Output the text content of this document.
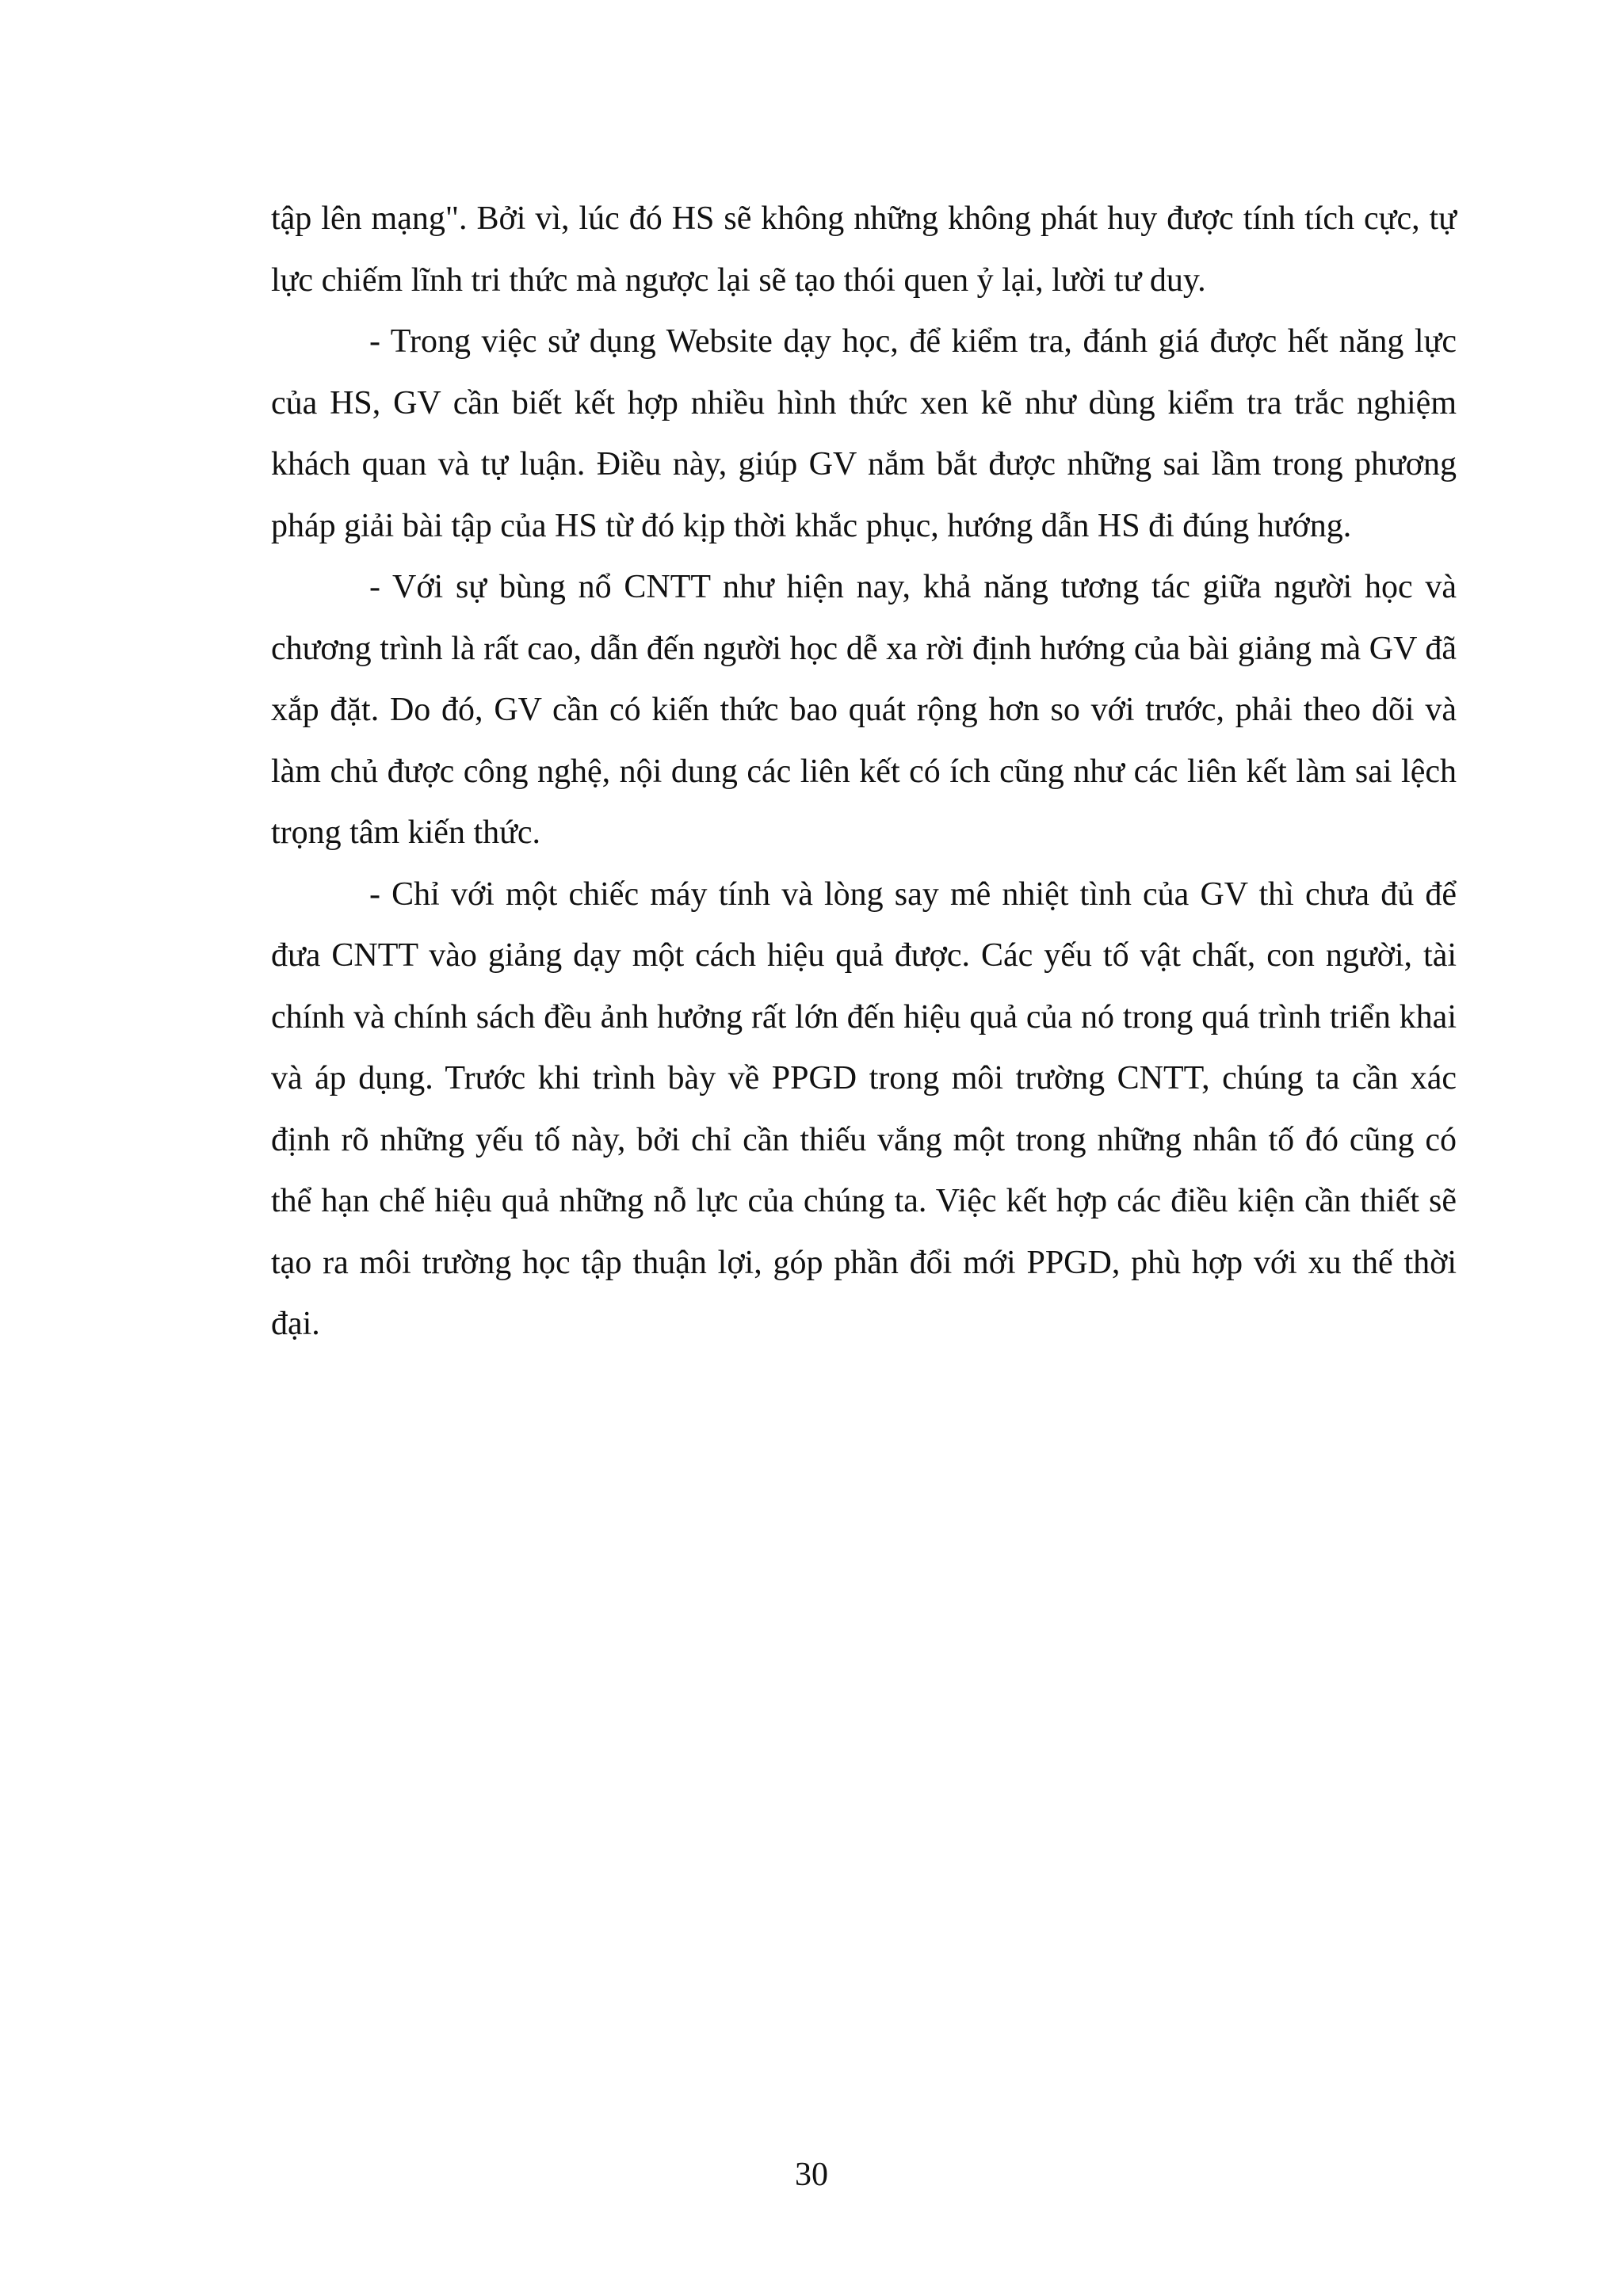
tập lên mạng". Bởi vì, lúc đó HS sẽ không những không phát huy được tính tích cực, tự lực chiếm lĩnh tri thức mà ngược lại sẽ tạo thói quen ỷ lại, lười tư duy.

- Trong việc sử dụng Website dạy học, để kiểm tra, đánh giá được hết năng lực của HS, GV cần biết kết hợp nhiều hình thức xen kẽ như dùng kiểm tra trắc nghiệm khách quan và tự luận. Điều này, giúp GV nắm bắt được những sai lầm trong phương pháp giải bài tập của HS từ đó kịp thời khắc phục, hướng dẫn HS đi đúng hướng.

- Với sự bùng nổ CNTT như hiện nay, khả năng tương tác giữa người học và chương trình là rất cao, dẫn đến người học dễ xa rời định hướng của bài giảng mà GV đã xắp đặt. Do đó, GV cần có kiến thức bao quát rộng hơn so với trước, phải theo dõi và làm chủ được công nghệ, nội dung các liên kết có ích cũng như các liên kết làm sai lệch trọng tâm kiến thức.

- Chỉ với một chiếc máy tính và lòng say mê nhiệt tình của GV thì chưa đủ để đưa CNTT vào giảng dạy một cách hiệu quả được. Các yếu tố vật chất, con người, tài chính và chính sách đều ảnh hưởng rất lớn đến hiệu quả của nó trong quá trình triển khai và áp dụng. Trước khi trình bày về PPGD trong môi trường CNTT, chúng ta cần xác định rõ những yếu tố này, bởi chỉ cần thiếu vắng một trong những nhân tố đó cũng có thể hạn chế hiệu quả những nỗ lực của chúng ta. Việc kết hợp các điều kiện cần thiết sẽ tạo ra môi trường học tập thuận lợi, góp phần đổi mới PPGD, phù hợp với xu thế thời đại.

30
